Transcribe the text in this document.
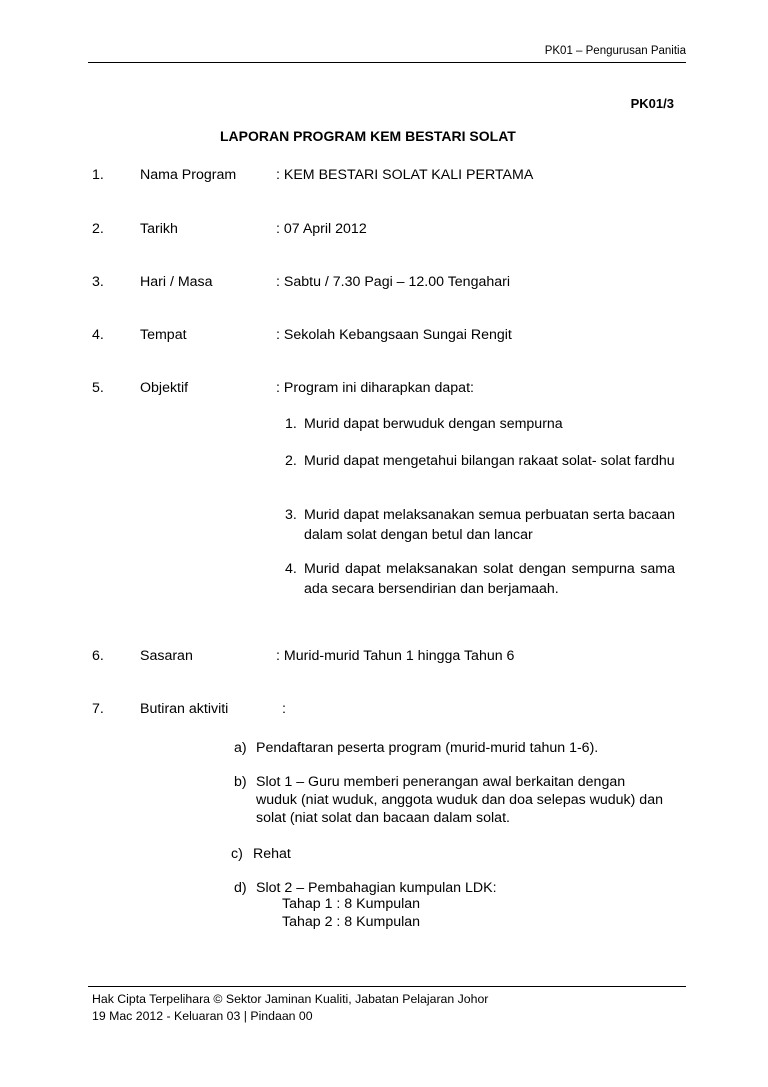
PK01 – Pengurusan Panitia
PK01/3
LAPORAN PROGRAM KEM BESTARI SOLAT
1.	Nama Program	: KEM BESTARI SOLAT KALI PERTAMA
2.	Tarikh	: 07 April 2012
3.	Hari / Masa	: Sabtu / 7.30 Pagi – 12.00 Tengahari
4.	Tempat	: Sekolah Kebangsaan Sungai Rengit
5.	Objektif	: Program ini diharapkan dapat:
1. Murid dapat berwuduk dengan sempurna
2. Murid dapat mengetahui bilangan rakaat solat- solat fardhu
3. Murid dapat melaksanakan semua perbuatan serta bacaan dalam solat dengan betul dan lancar
4. Murid dapat melaksanakan solat dengan sempurna sama ada secara bersendirian dan berjamaah.
6.	Sasaran	: Murid-murid Tahun 1 hingga Tahun 6
7.	Butiran aktiviti	:
a) Pendaftaran peserta program (murid-murid tahun 1-6).
b) Slot 1 – Guru memberi penerangan awal berkaitan dengan wuduk (niat wuduk, anggota wuduk dan doa selepas wuduk) dan solat (niat solat dan bacaan dalam solat.
c) Rehat
d) Slot 2 – Pembahagian kumpulan LDK:
Tahap 1 : 8 Kumpulan
Tahap 2 : 8 Kumpulan
Hak Cipta Terpelihara © Sektor Jaminan Kualiti, Jabatan Pelajaran Johor
19 Mac 2012 - Keluaran 03 | Pindaan 00
